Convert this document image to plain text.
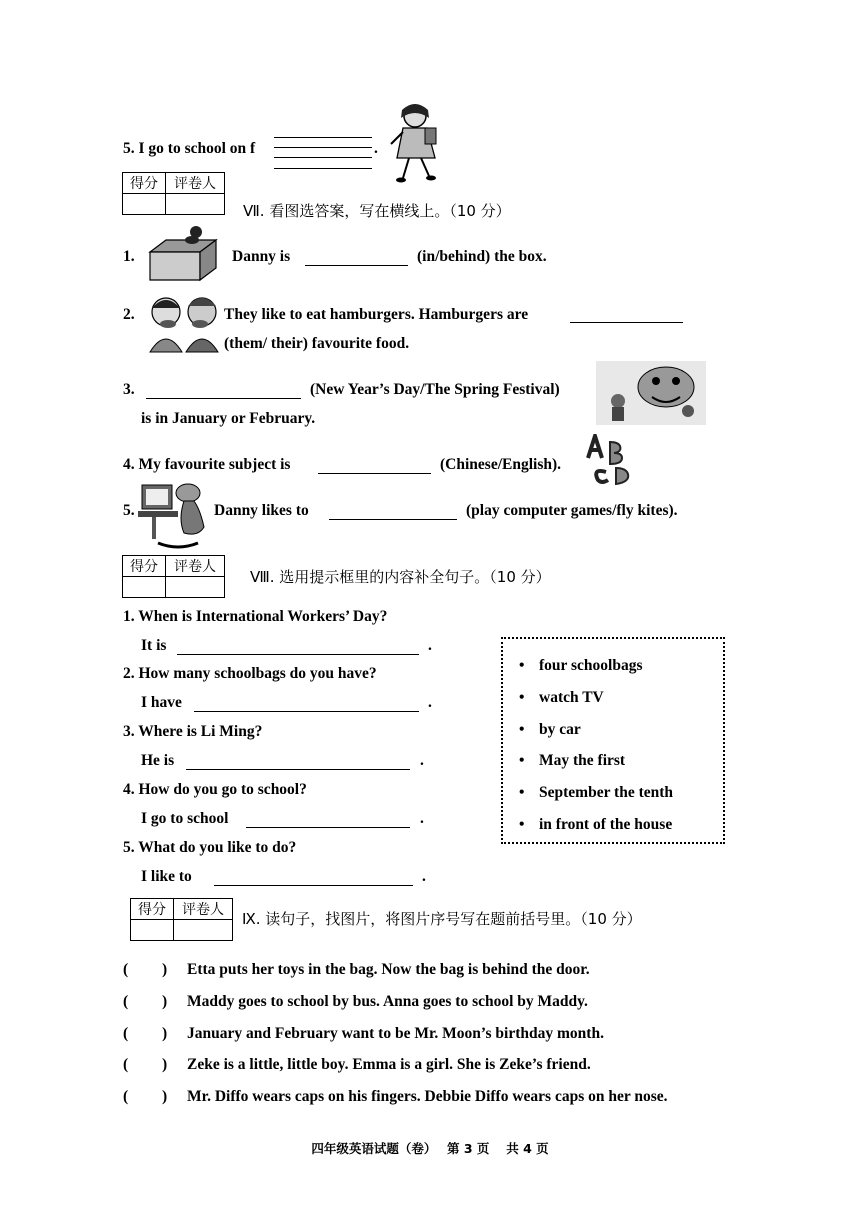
5. I go to school on f	.
得分	评卷人

Ⅶ. 看图选答案，写在横线上。（10 分）
1.	Danny is	(in/behind) the box.
2.	They like to eat hamburgers. Hamburgers are
(them/ their) favourite food.
3.	(New Year’s Day/The Spring Festival)
is in January or February.
4. My favourite subject is	(Chinese/English).
5.	Danny likes to	(play computer games/fly kites).
得分	评卷人

Ⅷ. 选用提示框里的内容补全句子。（10 分）
1. When is International Workers’ Day?
It is	.
2. How many schoolbags do you have?
I have	.
3. Where is Li Ming?
He is	.
4. How do you go to school?
I go to school	.
5. What do you like to do?
I like to	.
• four schoolbags
• watch TV
• by car
• May the first
• September the tenth
• in front of the house
得分	评卷人
	Ⅸ. 读句子，找图片，将图片序号写在题前括号里。（10 分）
( ) Etta puts her toys in the bag. Now the bag is behind the door.
( ) Maddy goes to school by bus. Anna goes to school by Maddy.
( ) January and February want to be Mr. Moon’s birthday month.
( ) Zeke is a little, little boy. Emma is a girl. She is Zeke’s friend.
( ) Mr. Diffo wears caps on his fingers. Debbie Diffo wears caps on her nose.
四年级英语试题（卷）　 第 3 页　 共 4 页
